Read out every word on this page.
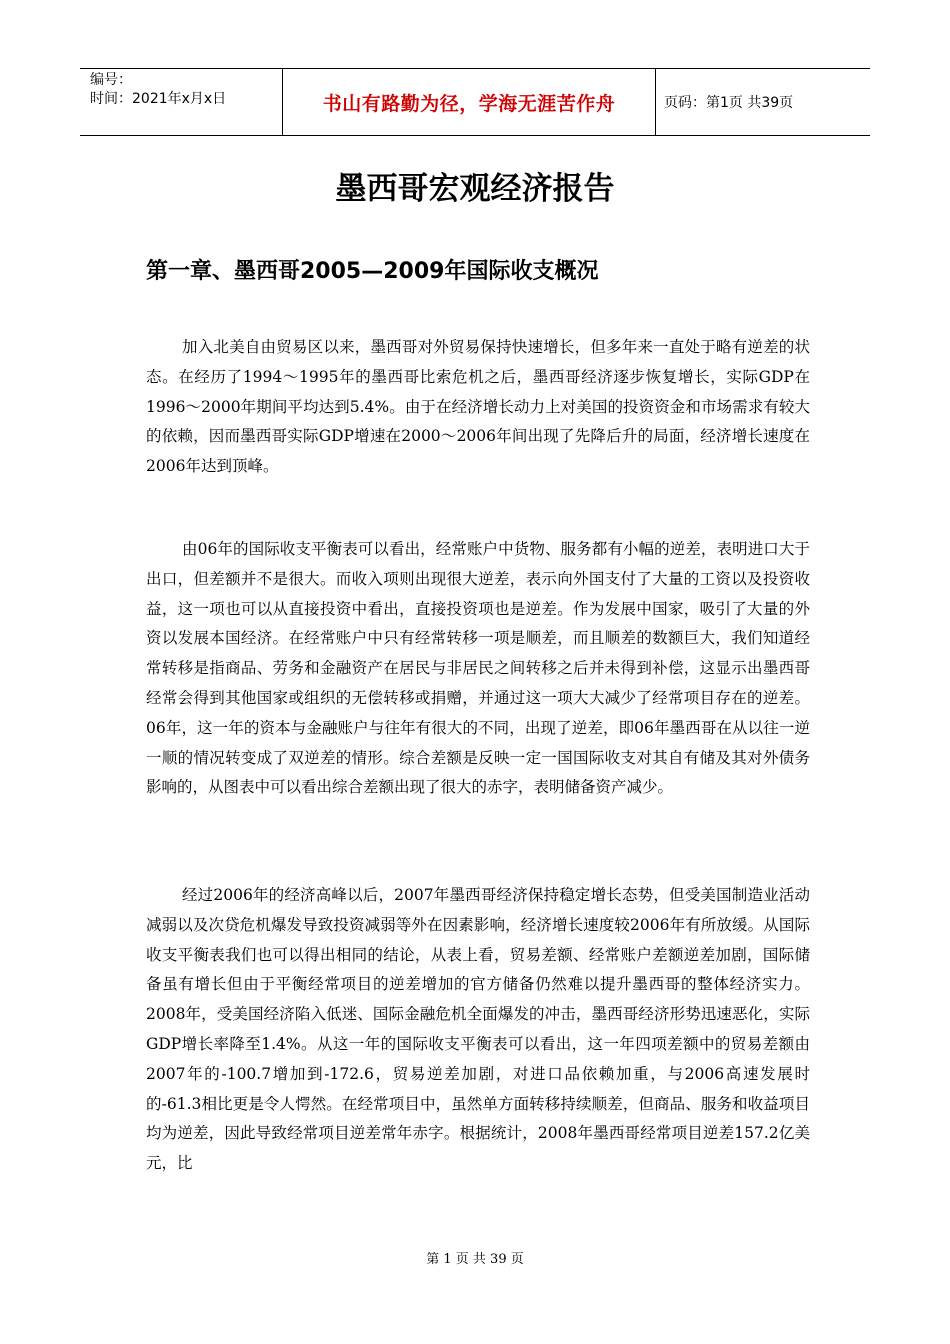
编号：
时间：2021年x月x日	书山有路勤为径，学海无涯苦作舟	页码：第1页 共39页
墨西哥宏观经济报告
第一章、墨西哥2005—2009年国际收支概况

加入北美自由贸易区以来，墨西哥对外贸易保持快速增长，但多年来一直处于略有逆差的状态。在经历了1994～1995年的墨西哥比索危机之后，墨西哥经济逐步恢复增长，实际GDP在1996～2000年期间平均达到5.4%。由于在经济增长动力上对美国的投资资金和市场需求有较大的依赖，因而墨西哥实际GDP增速在2000～2006年间出现了先降后升的局面，经济增长速度在2006年达到顶峰。

由06年的国际收支平衡表可以看出，经常账户中货物、服务都有小幅的逆差，表明进口大于出口，但差额并不是很大。而收入项则出现很大逆差，表示向外国支付了大量的工资以及投资收益，这一项也可以从直接投资中看出，直接投资项也是逆差。作为发展中国家，吸引了大量的外资以发展本国经济。在经常账户中只有经常转移一项是顺差，而且顺差的数额巨大，我们知道经常转移是指商品、劳务和金融资产在居民与非居民之间转移之后并未得到补偿，这显示出墨西哥经常会得到其他国家或组织的无偿转移或捐赠，并通过这一项大大减少了经常项目存在的逆差。06年，这一年的资本与金融账户与往年有很大的不同，出现了逆差，即06年墨西哥在从以往一逆一顺的情况转变成了双逆差的情形。综合差额是反映一定一国国际收支对其自有储及其对外债务影响的，从图表中可以看出综合差额出现了很大的赤字，表明储备资产减少。

经过2006年的经济高峰以后，2007年墨西哥经济保持稳定增长态势，但受美国制造业活动减弱以及次贷危机爆发导致投资减弱等外在因素影响，经济增长速度较2006年有所放缓。从国际收支平衡表我们也可以得出相同的结论，从表上看，贸易差额、经常账户差额逆差加剧，国际储备虽有增长但由于平衡经常项目的逆差增加的官方储备仍然难以提升墨西哥的整体经济实力。2008年，受美国经济陷入低迷、国际金融危机全面爆发的冲击，墨西哥经济形势迅速恶化，实际GDP增长率降至1.4%。从这一年的国际收支平衡表可以看出，这一年四项差额中的贸易差额由2007年的-100.7增加到-172.6，贸易逆差加剧，对进口品依赖加重，与2006高速发展时的-61.3相比更是令人愕然。在经常项目中，虽然单方面转移持续顺差，但商品、服务和收益项目均为逆差，因此导致经常项目逆差常年赤字。根据统计，2008年墨西哥经常项目逆差157.2亿美元，比

第 1 页 共 39 页
